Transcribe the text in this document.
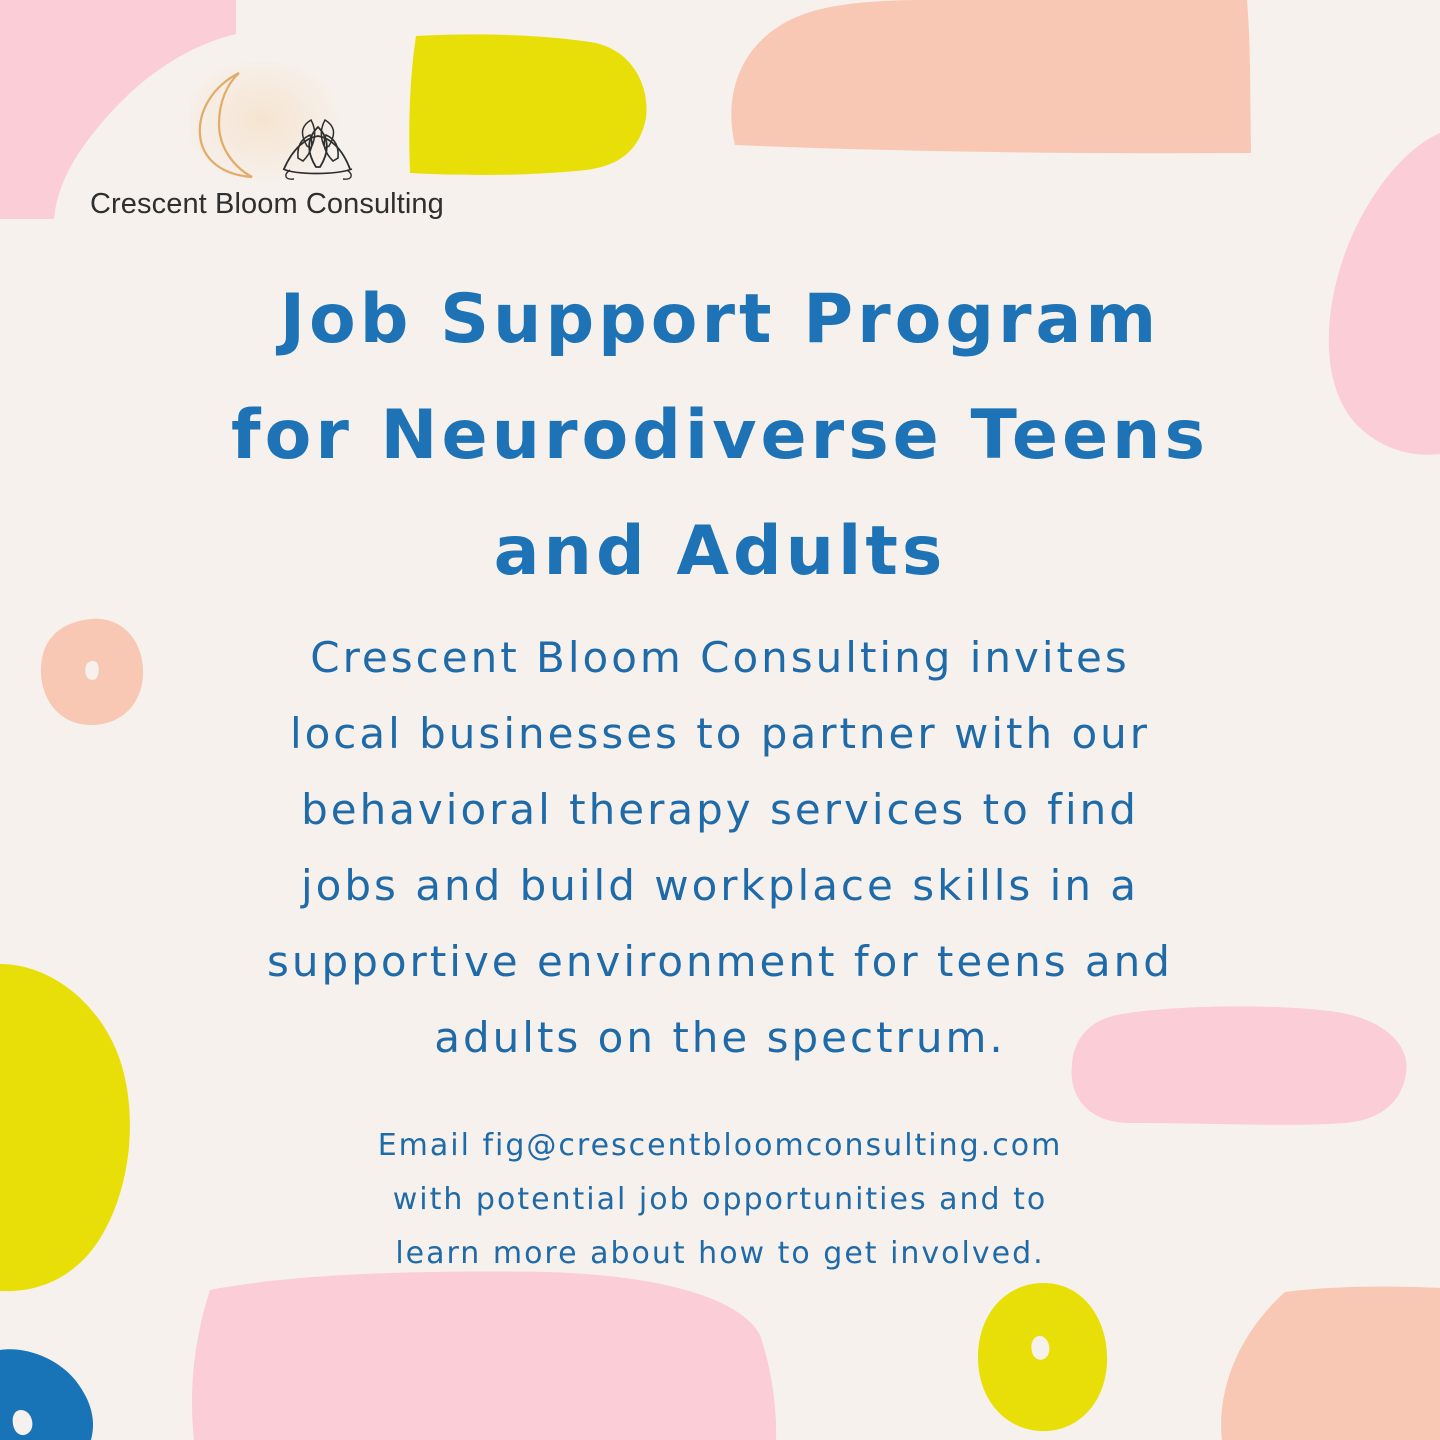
Crescent Bloom Consulting
Job Support Program
for Neurodiverse Teens
and Adults

Crescent Bloom Consulting invites
local businesses to partner with our
behavioral therapy services to find
jobs and build workplace skills in a
supportive environment for teens and
adults on the spectrum.

Email fig@crescentbloomconsulting.com
with potential job opportunities and to
learn more about how to get involved.
